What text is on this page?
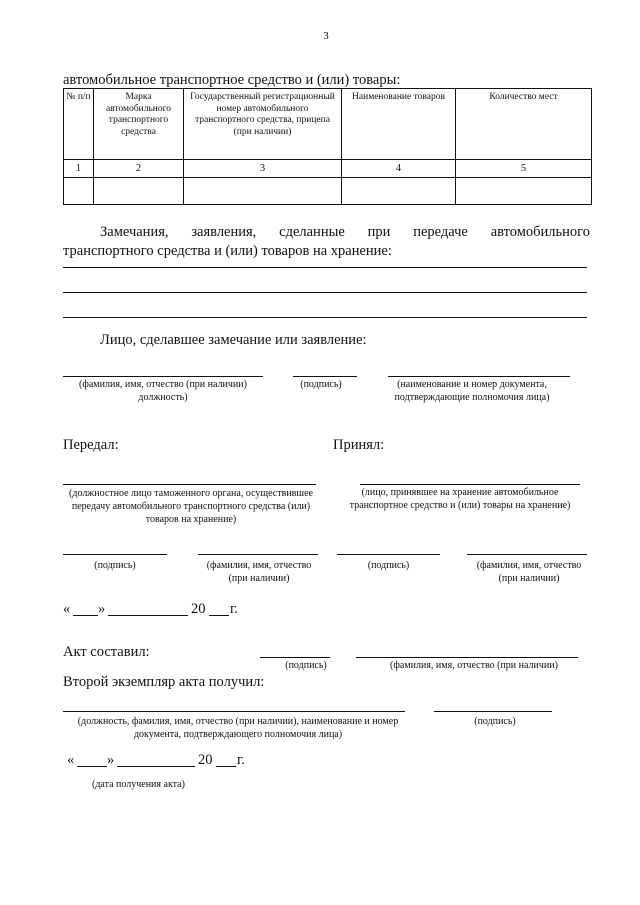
3
автомобильное транспортное средство и (или) товары:
№ п/п	Марка автомобильного транспортного средства	Государственный регистрационный номер автомобильного транспортного средства, прицепа (при наличии)	Наименование товаров	Количество мест
1	2	3	4	5

Замечания, заявления, сделанные при передаче автомобильного
транспортного средства и (или) товаров на хранение:
Лицо, сделавшее замечание или заявление:
(фамилия, имя, отчество (при наличии) должность)
(подпись)	(наименование и номер документа, подтверждающие полномочия лица)
Передал:	Принял:
(должностное лицо таможенного органа, осуществившее передачу автомобильного транспортного средства (или) товаров на хранение)
(лицо, принявшее на хранение автомобильное транспортное средство и (или) товары на хранение)
(подпись)	(фамилия, имя, отчество (при наличии)
(подпись)	(фамилия, имя, отчество (при наличии)
« »	20 г.
Акт составил:
(подпись)	(фамилия, имя, отчество (при наличии)
Второй экземпляр акта получил:
(должность, фамилия, имя, отчество (при наличии), наименование и номер документа, подтверждающего полномочия лица)
(подпись)
« »	20 г.
(дата получения акта)
